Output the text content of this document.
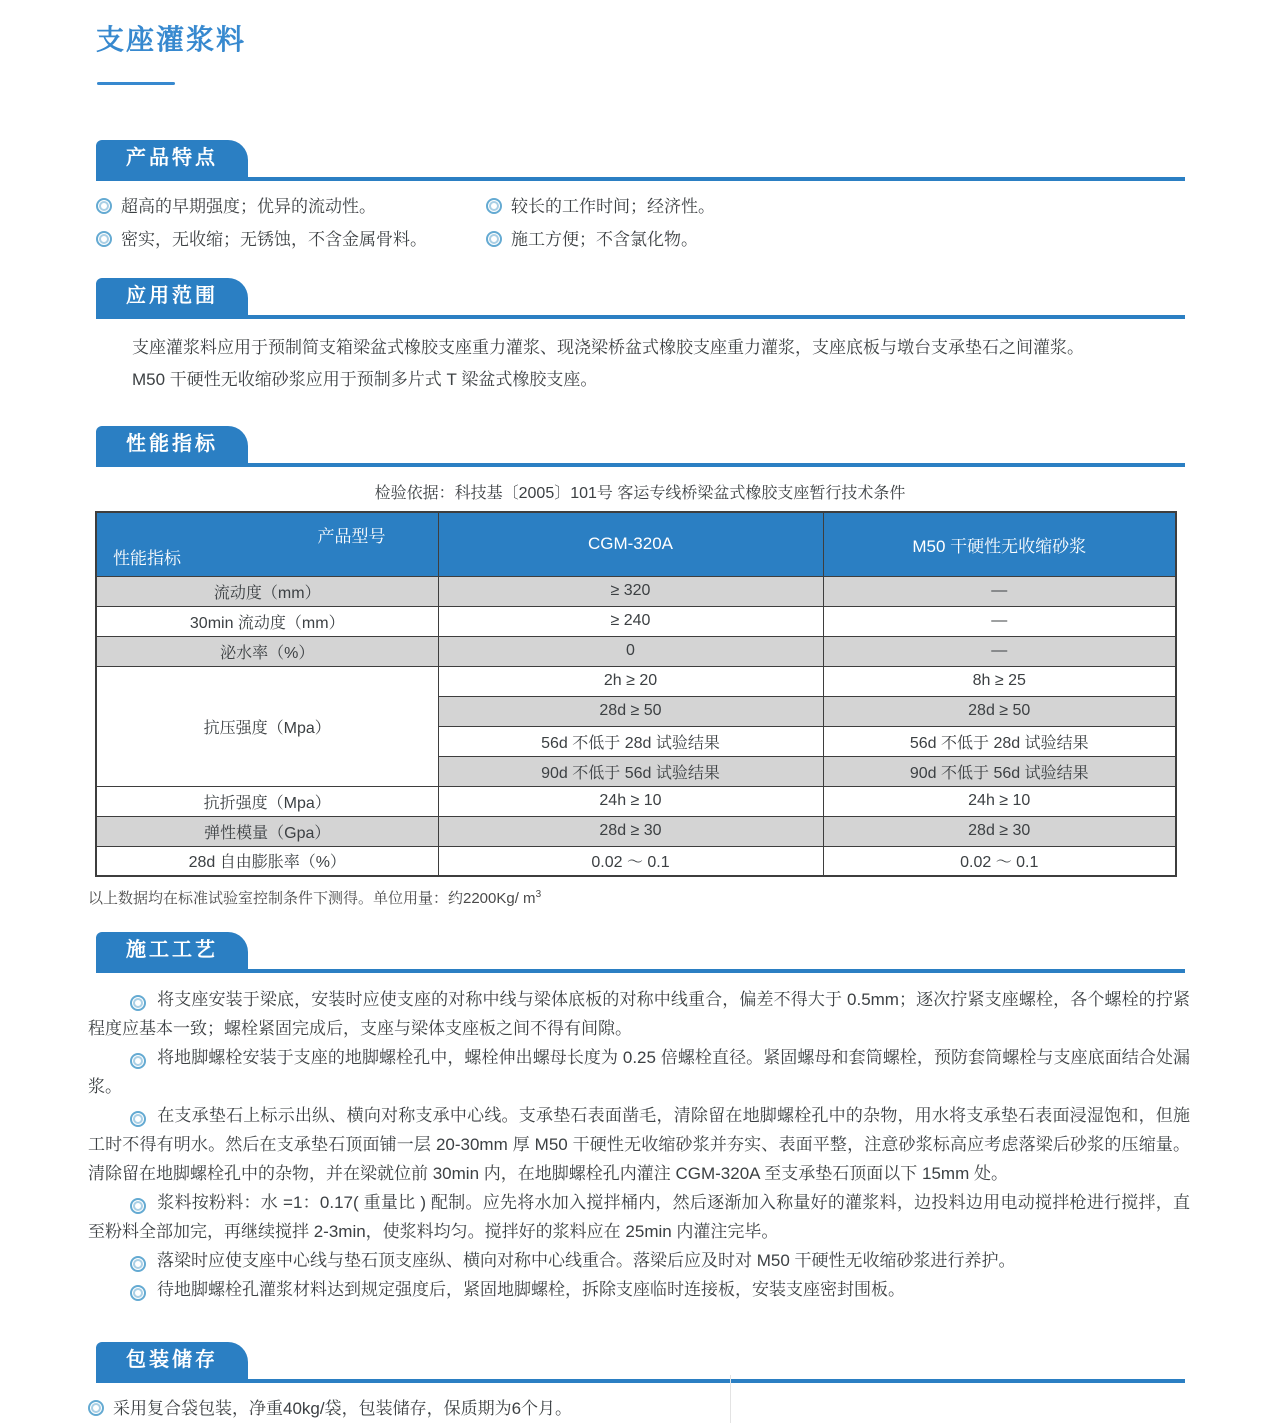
支座灌浆料
产品特点
超高的早期强度；优异的流动性。	较长的工作时间；经济性。
密实，无收缩；无锈蚀，不含金属骨料。	施工方便；不含氯化物。
应用范围

支座灌浆料应用于预制简支箱梁盆式橡胶支座重力灌浆、现浇梁桥盆式橡胶支座重力灌浆，支座底板与墩台支承垫石之间灌浆。

M50 干硬性无收缩砂浆应用于预制多片式 T 梁盆式橡胶支座。

性能指标
检验依据：科技基〔2005〕101号 客运专线桥梁盆式橡胶支座暂行技术条件
产品型号
性能指标	CGM-320A	M50 干硬性无收缩砂浆
流动度（mm）	≥ 320	—
30min 流动度（mm）	≥ 240	—
泌水率（%）	0	—
抗压强度（Mpa）	2h ≥ 20	8h ≥ 25
	28d ≥ 50	28d ≥ 50
	56d 不低于 28d 试验结果	56d 不低于 28d 试验结果
	90d 不低于 56d 试验结果	90d 不低于 56d 试验结果
抗折强度（Mpa）	24h ≥ 10	24h ≥ 10
弹性模量（Gpa）	28d ≥ 30	28d ≥ 30
28d 自由膨胀率（%）	0.02 ～ 0.1	0.02 ～ 0.1
以上数据均在标准试验室控制条件下测得。单位用量：约2200Kg/ $m^3$
施工工艺

将支座安装于梁底，安装时应使支座的对称中线与梁体底板的对称中线重合，偏差不得大于 0.5mm；逐次拧紧支座螺栓，各个螺栓的拧紧程度应基本一致；螺栓紧固完成后，支座与梁体支座板之间不得有间隙。

将地脚螺栓安装于支座的地脚螺栓孔中，螺栓伸出螺母长度为 0.25 倍螺栓直径。紧固螺母和套筒螺栓，预防套筒螺栓与支座底面结合处漏浆。

在支承垫石上标示出纵、横向对称支承中心线。支承垫石表面凿毛，清除留在地脚螺栓孔中的杂物，用水将支承垫石表面浸湿饱和，但施工时不得有明水。然后在支承垫石顶面铺一层 20-30mm 厚 M50 干硬性无收缩砂浆并夯实、表面平整，注意砂浆标高应考虑落梁后砂浆的压缩量。清除留在地脚螺栓孔中的杂物，并在梁就位前 30min 内，在地脚螺栓孔内灌注 CGM-320A 至支承垫石顶面以下 15mm 处。

浆料按粉料：水 =1：0.17( 重量比 ) 配制。应先将水加入搅拌桶内，然后逐渐加入称量好的灌浆料，边投料边用电动搅拌枪进行搅拌，直至粉料全部加完，再继续搅拌 2-3min，使浆料均匀。搅拌好的浆料应在 25min 内灌注完毕。

落梁时应使支座中心线与垫石顶支座纵、横向对称中心线重合。落梁后应及时对 M50 干硬性无收缩砂浆进行养护。

待地脚螺栓孔灌浆材料达到规定强度后，紧固地脚螺栓，拆除支座临时连接板，安装支座密封围板。

包装储存
采用复合袋包装，净重40kg/袋，包装储存，保质期为6个月。
